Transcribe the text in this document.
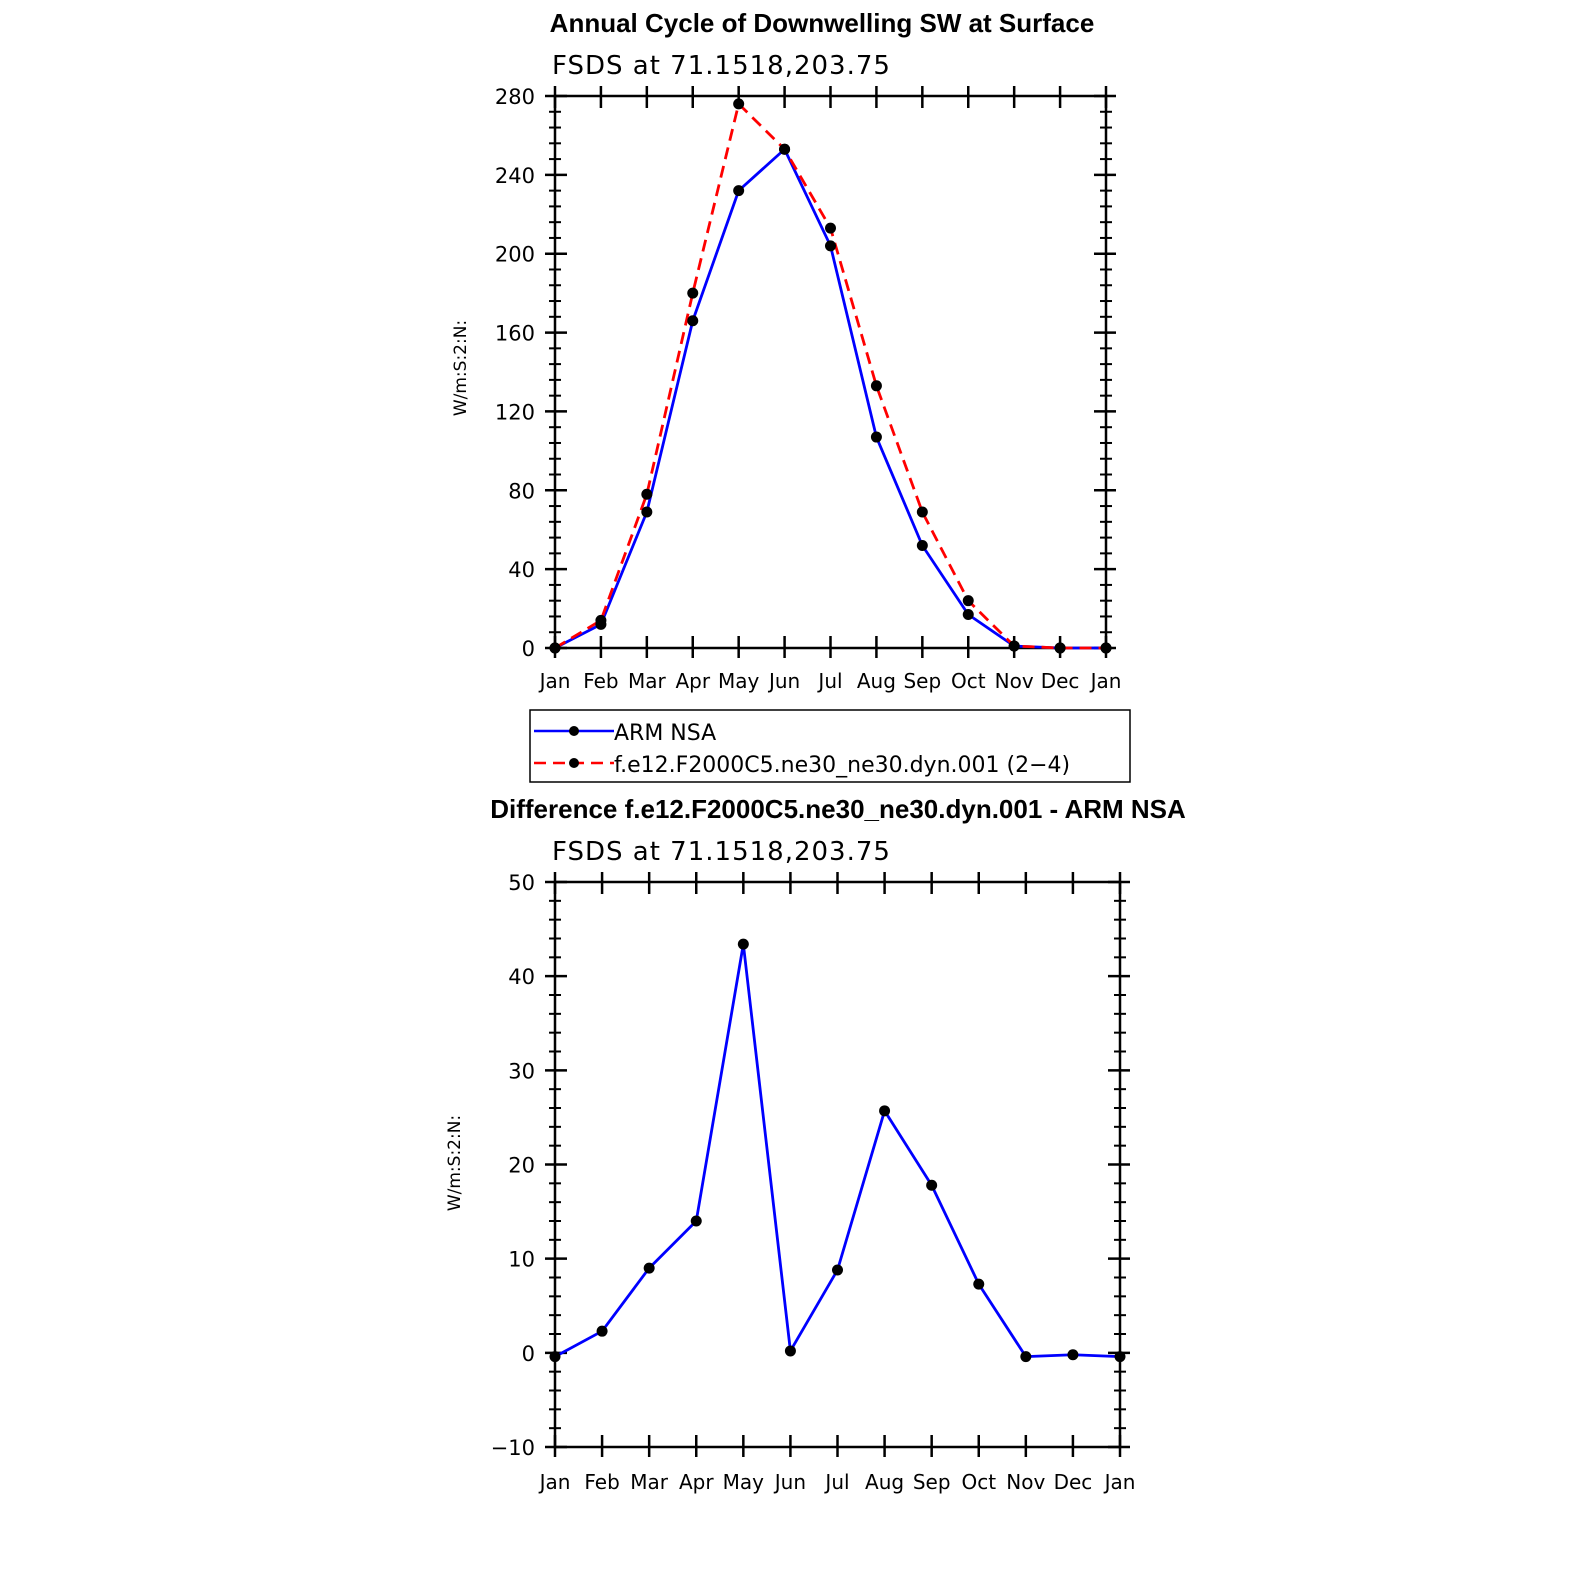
Annual Cycle of Downwelling SW at Surface
FSDS at 71.1518,203.75
W/m:S:2:N:
Jan Feb Mar Apr May Jun Jul Aug Sep Oct Nov Dec Jan
0
40
80
120
160
200
240
280
ARM NSA
f.e12.F2000C5.ne30_ne30.dyn.001 (2−4)
Difference f.e12.F2000C5.ne30_ne30.dyn.001 - ARM NSA
FSDS at 71.1518,203.75
W/m:S:2:N:
Jan Feb Mar Apr May Jun Jul Aug Sep Oct Nov Dec Jan
−10
0
10
20
30
40
50
